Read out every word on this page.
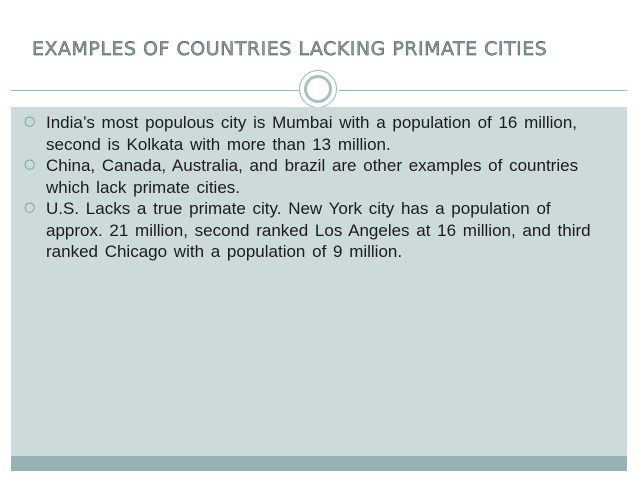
EXAMPLES OF COUNTRIES LACKING PRIMATE CITIES
○ India’s most populous city is Mumbai with a population of 16 million, second is Kolkata with more than 13 million.
○ China, Canada, Australia, and brazil are other examples of countries which lack primate cities.
○ U.S. Lacks a true primate city. New York city has a population of approx. 21 million, second ranked Los Angeles at 16 million, and third ranked Chicago with a population of 9 million.
